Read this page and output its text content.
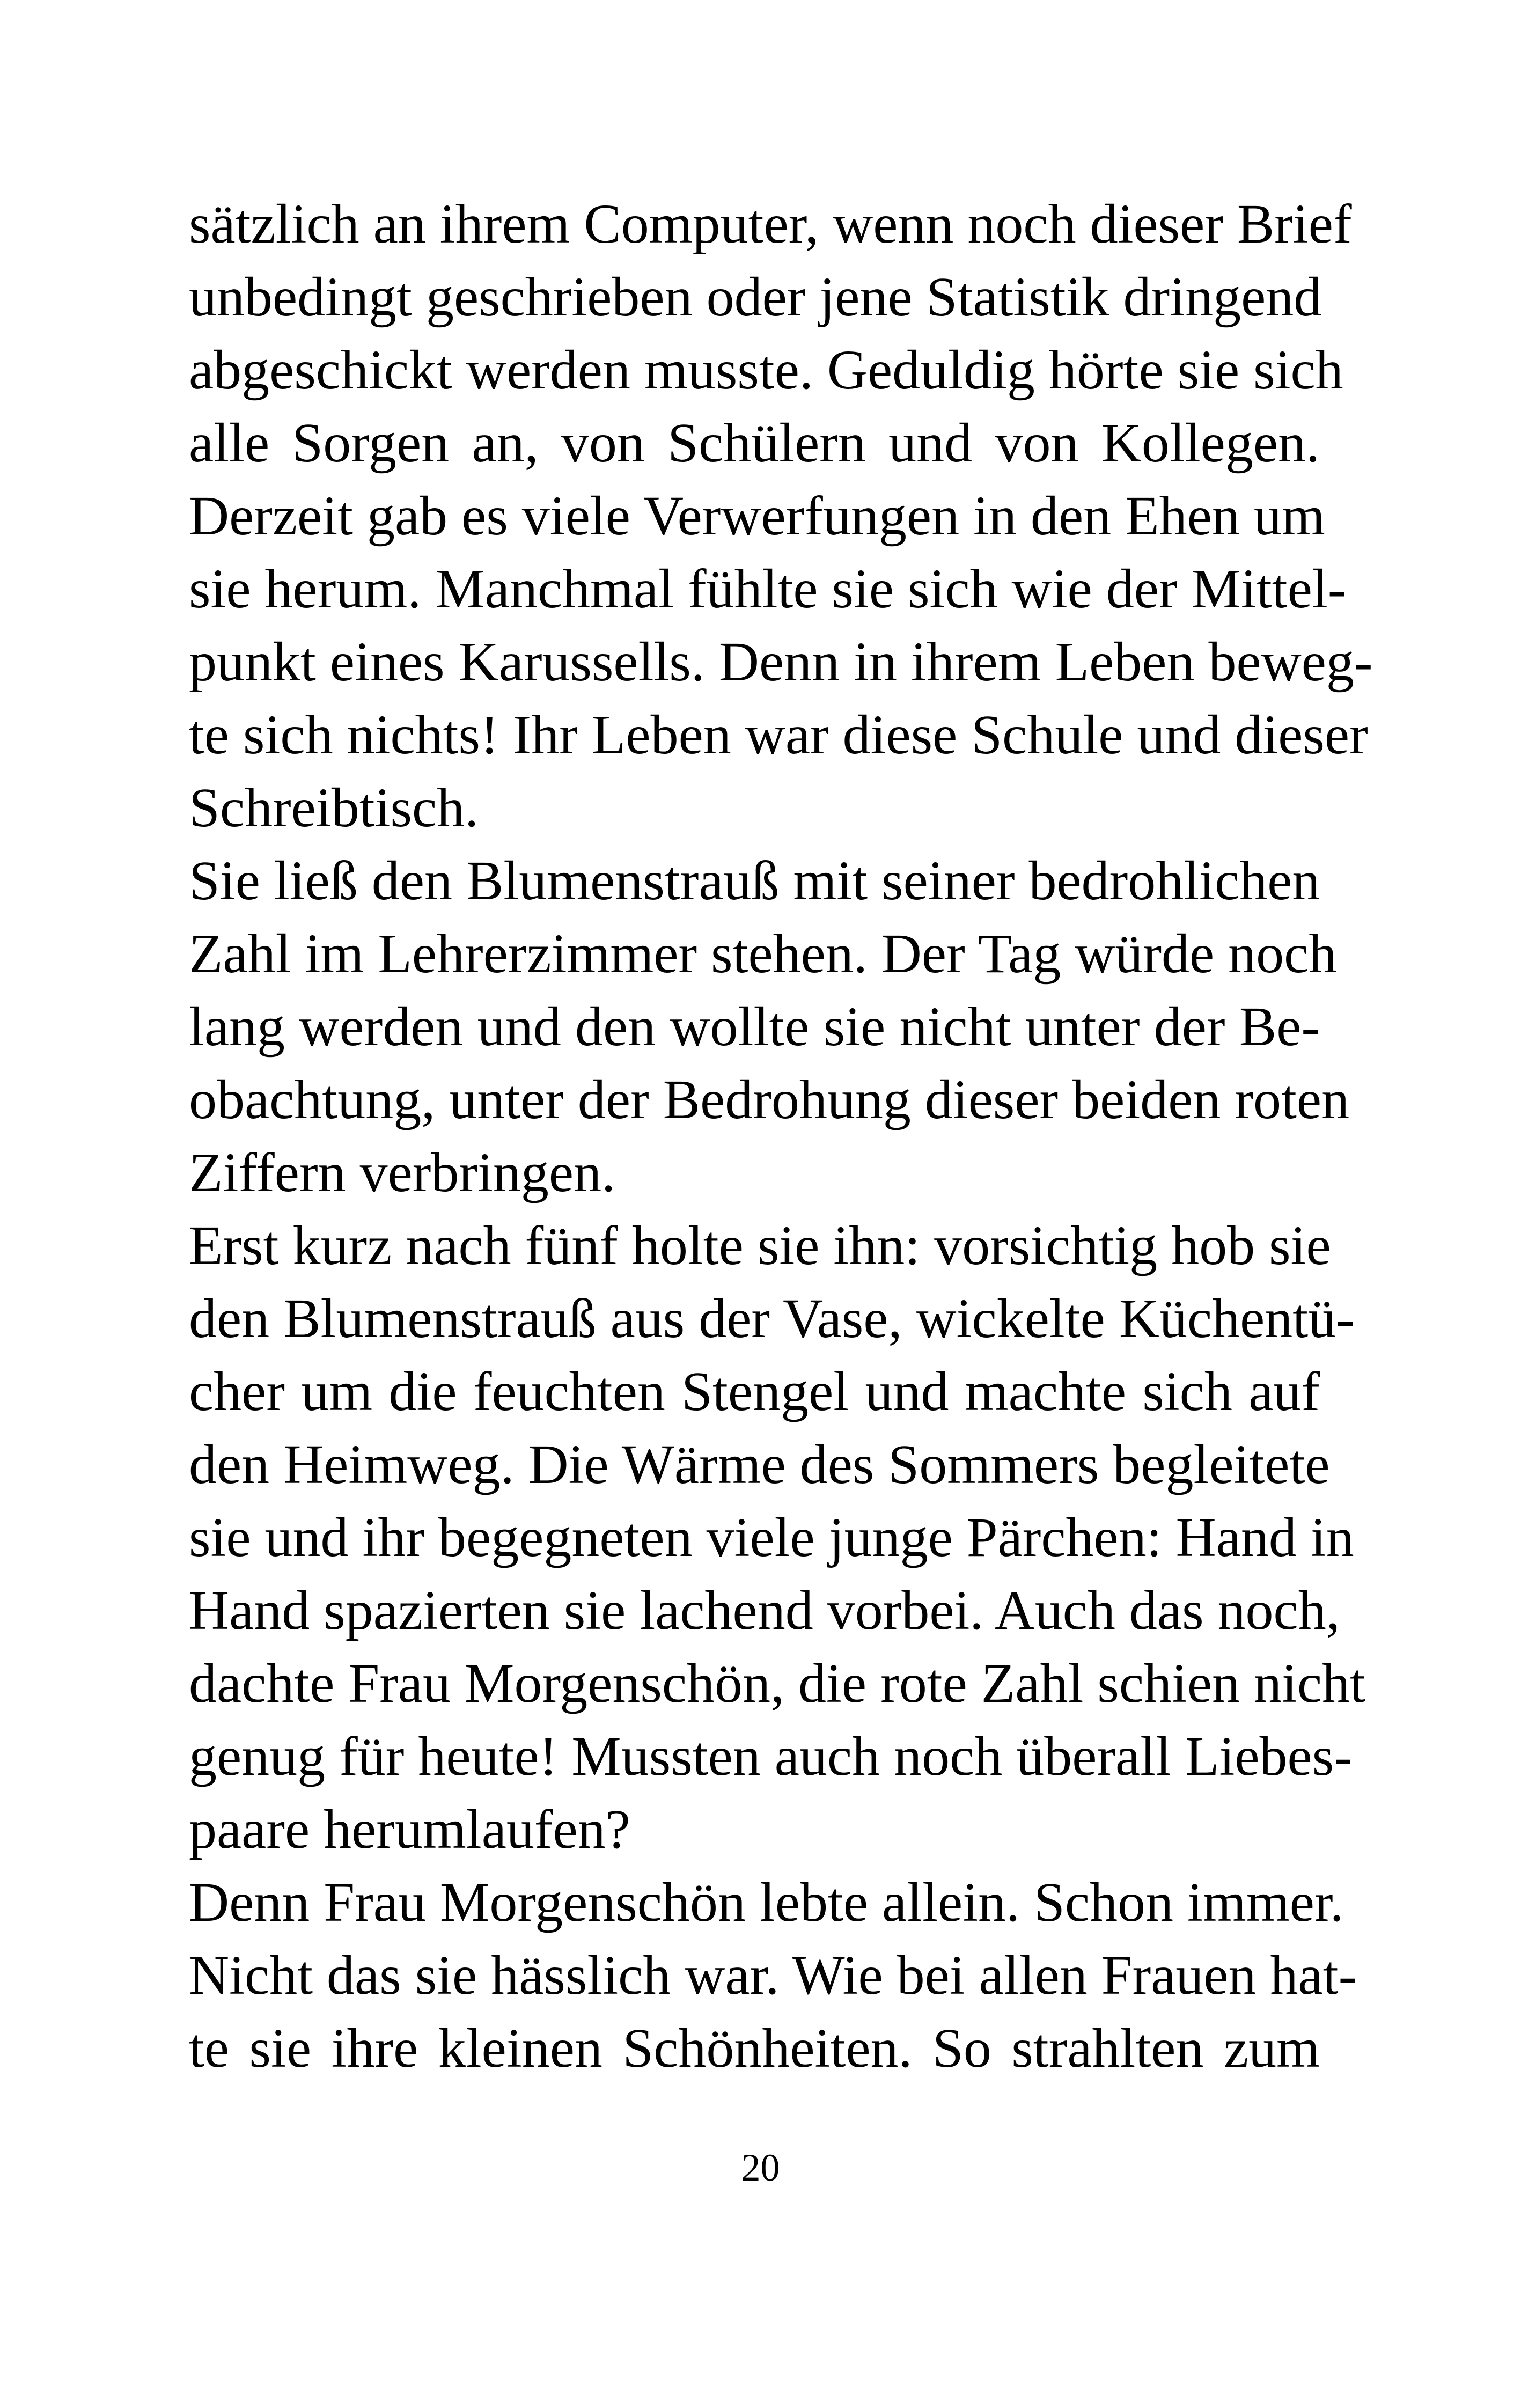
sätzlich an ihrem Computer, wenn noch dieser Brief
unbedingt geschrieben oder jene Statistik dringend
abgeschickt werden musste. Geduldig hörte sie sich
alle Sorgen an, von Schülern und von Kollegen.
Derzeit gab es viele Verwerfungen in den Ehen um
sie herum. Manchmal fühlte sie sich wie der Mittel-
punkt eines Karussells. Denn in ihrem Leben beweg-
te sich nichts! Ihr Leben war diese Schule und dieser
Schreibtisch.
Sie ließ den Blumenstrauß mit seiner bedrohlichen
Zahl im Lehrerzimmer stehen. Der Tag würde noch
lang werden und den wollte sie nicht unter der Be-
obachtung, unter der Bedrohung dieser beiden roten
Ziffern verbringen.
Erst kurz nach fünf holte sie ihn: vorsichtig hob sie
den Blumenstrauß aus der Vase, wickelte Küchentü-
cher um die feuchten Stengel und machte sich auf
den Heimweg. Die Wärme des Sommers begleitete
sie und ihr begegneten viele junge Pärchen: Hand in
Hand spazierten sie lachend vorbei. Auch das noch,
dachte Frau Morgenschön, die rote Zahl schien nicht
genug für heute! Mussten auch noch überall Liebes-
paare herumlaufen?
Denn Frau Morgenschön lebte allein. Schon immer.
Nicht das sie hässlich war. Wie bei allen Frauen hat-
te sie ihre kleinen Schönheiten. So strahlten zum
20
